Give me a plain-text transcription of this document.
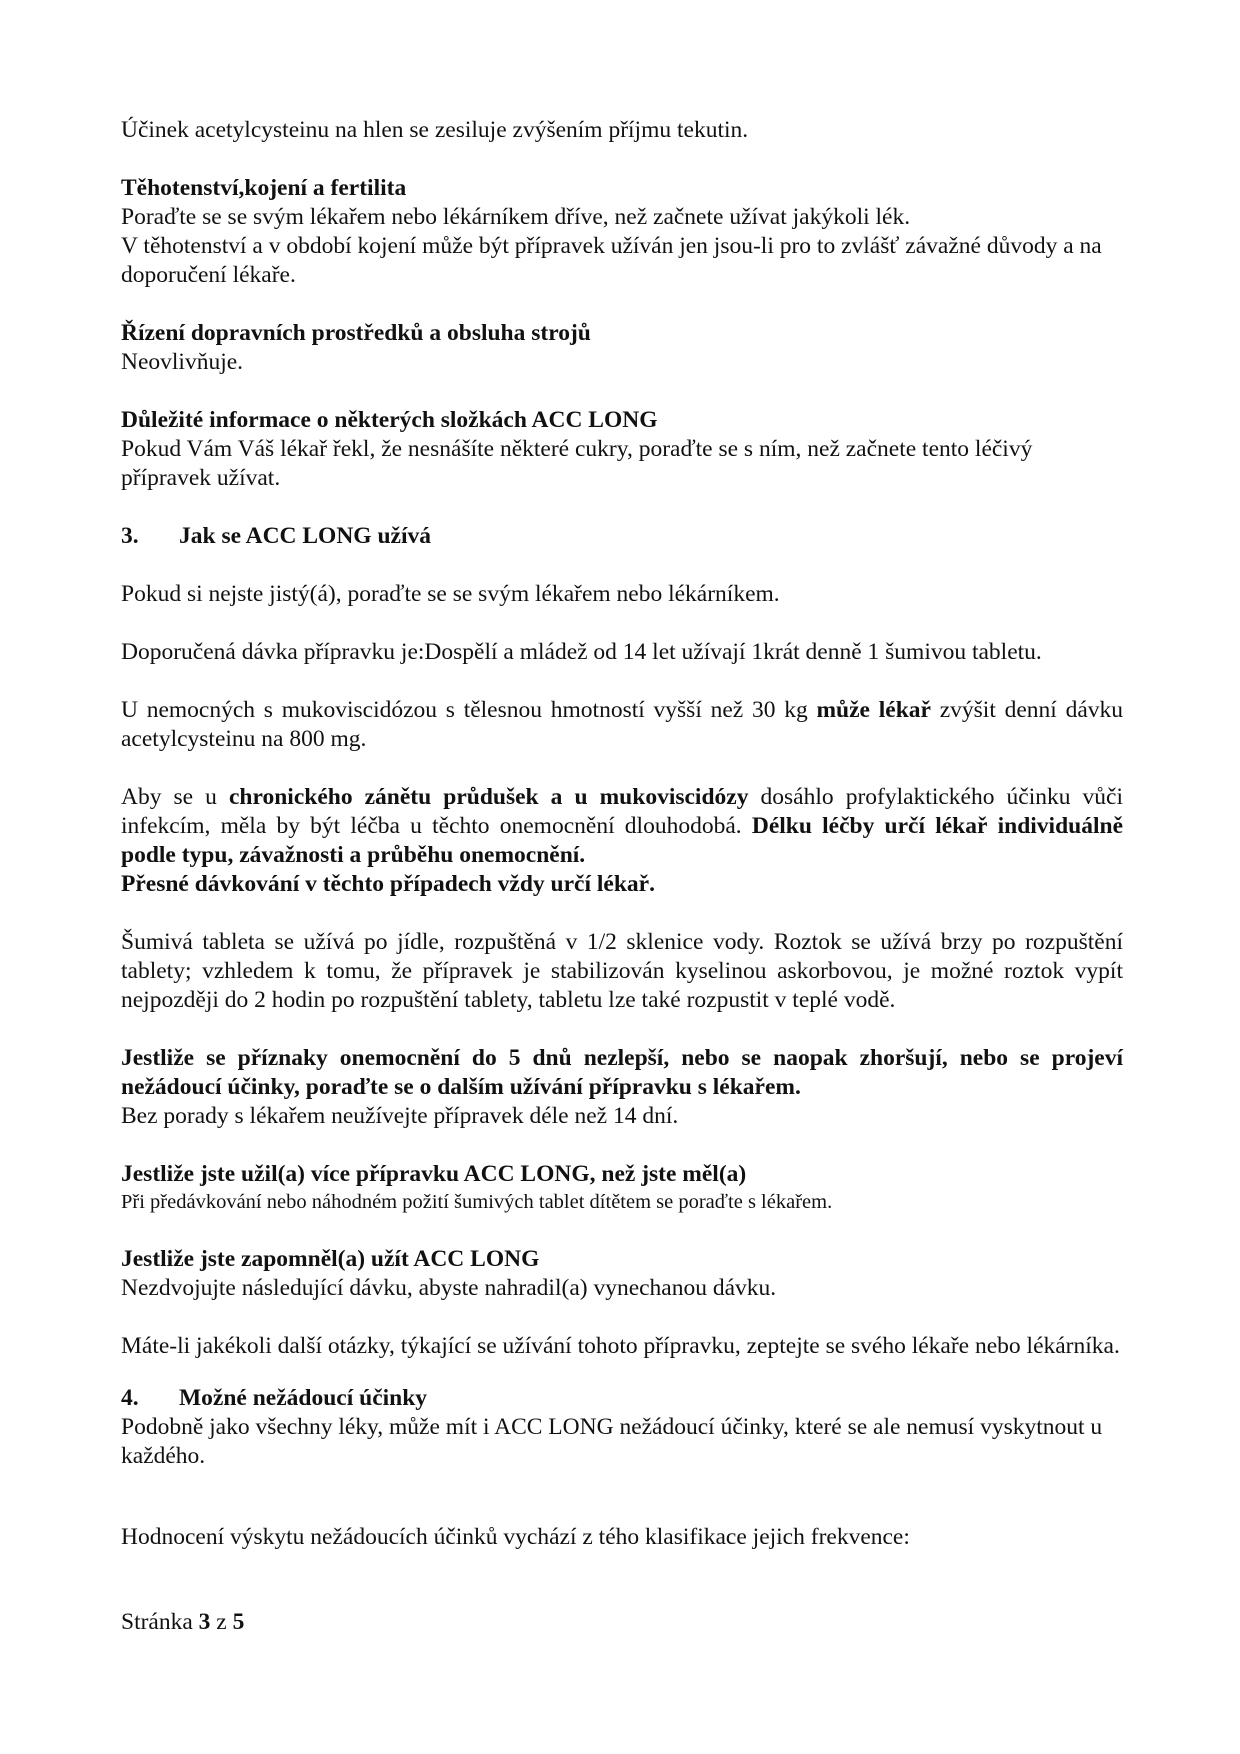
Účinek acetylcysteinu na hlen se zesiluje zvýšením příjmu tekutin.

Těhotenství,kojení a fertilita

Poraďte se se svým lékařem nebo lékárníkem dříve, než začnete užívat jakýkoli lék.

V těhotenství a v období kojení může být přípravek užíván jen jsou-li pro to zvlášť závažné důvody a na doporučení lékaře.

Řízení dopravních prostředků a obsluha strojů

Neovlivňuje.

Důležité informace o některých složkách ACC LONG

Pokud Vám Váš lékař řekl, že nesnášíte některé cukry, poraďte se s ním, než začnete tento léčivý přípravek užívat.

3.	Jak se ACC LONG užívá

Pokud si nejste jistý(á), poraďte se se svým lékařem nebo lékárníkem.

Doporučená dávka přípravku je:Dospělí a mládež od 14 let užívají 1krát denně 1 šumivou tabletu.

U nemocných s mukoviscidózou s tělesnou hmotností vyšší než 30 kg může lékař zvýšit denní dávku acetylcysteinu na 800 mg.

Aby se u chronického zánětu průdušek a u mukoviscidózy dosáhlo profylaktického účinku vůči infekcím, měla by být léčba u těchto onemocnění dlouhodobá. Délku léčby určí lékař individuálně podle typu, závažnosti a průběhu onemocnění.

Přesné dávkování v těchto případech vždy určí lékař.

Šumivá tableta se užívá po jídle, rozpuštěná v 1/2 sklenice vody. Roztok se užívá brzy po rozpuštění tablety; vzhledem k tomu, že přípravek je stabilizován kyselinou askorbovou, je možné roztok vypít nejpozději do 2 hodin po rozpuštění tablety, tabletu lze také rozpustit v teplé vodě.

Jestliže se příznaky onemocnění do 5 dnů nezlepší, nebo se naopak zhoršují, nebo se projeví nežádoucí účinky, poraďte se o dalším užívání přípravku s lékařem.

Bez porady s lékařem neužívejte přípravek déle než 14 dní.

Jestliže jste užil(a) více přípravku ACC LONG, než jste měl(a)

Při předávkování nebo náhodném požití šumivých tablet dítětem se poraďte s lékařem.

Jestliže jste zapomněl(a) užít ACC LONG

Nezdvojujte následující dávku, abyste nahradil(a) vynechanou dávku.

Máte-li jakékoli další otázky, týkající se užívání tohoto přípravku, zeptejte se svého lékaře nebo lékárníka.

4.	Možné nežádoucí účinky

Podobně jako všechny léky, může mít i ACC LONG nežádoucí účinky, které se ale nemusí vyskytnout u každého.

Hodnocení výskytu nežádoucích účinků vychází z tého klasifikace jejich frekvence:

Stránka 3 z 5
